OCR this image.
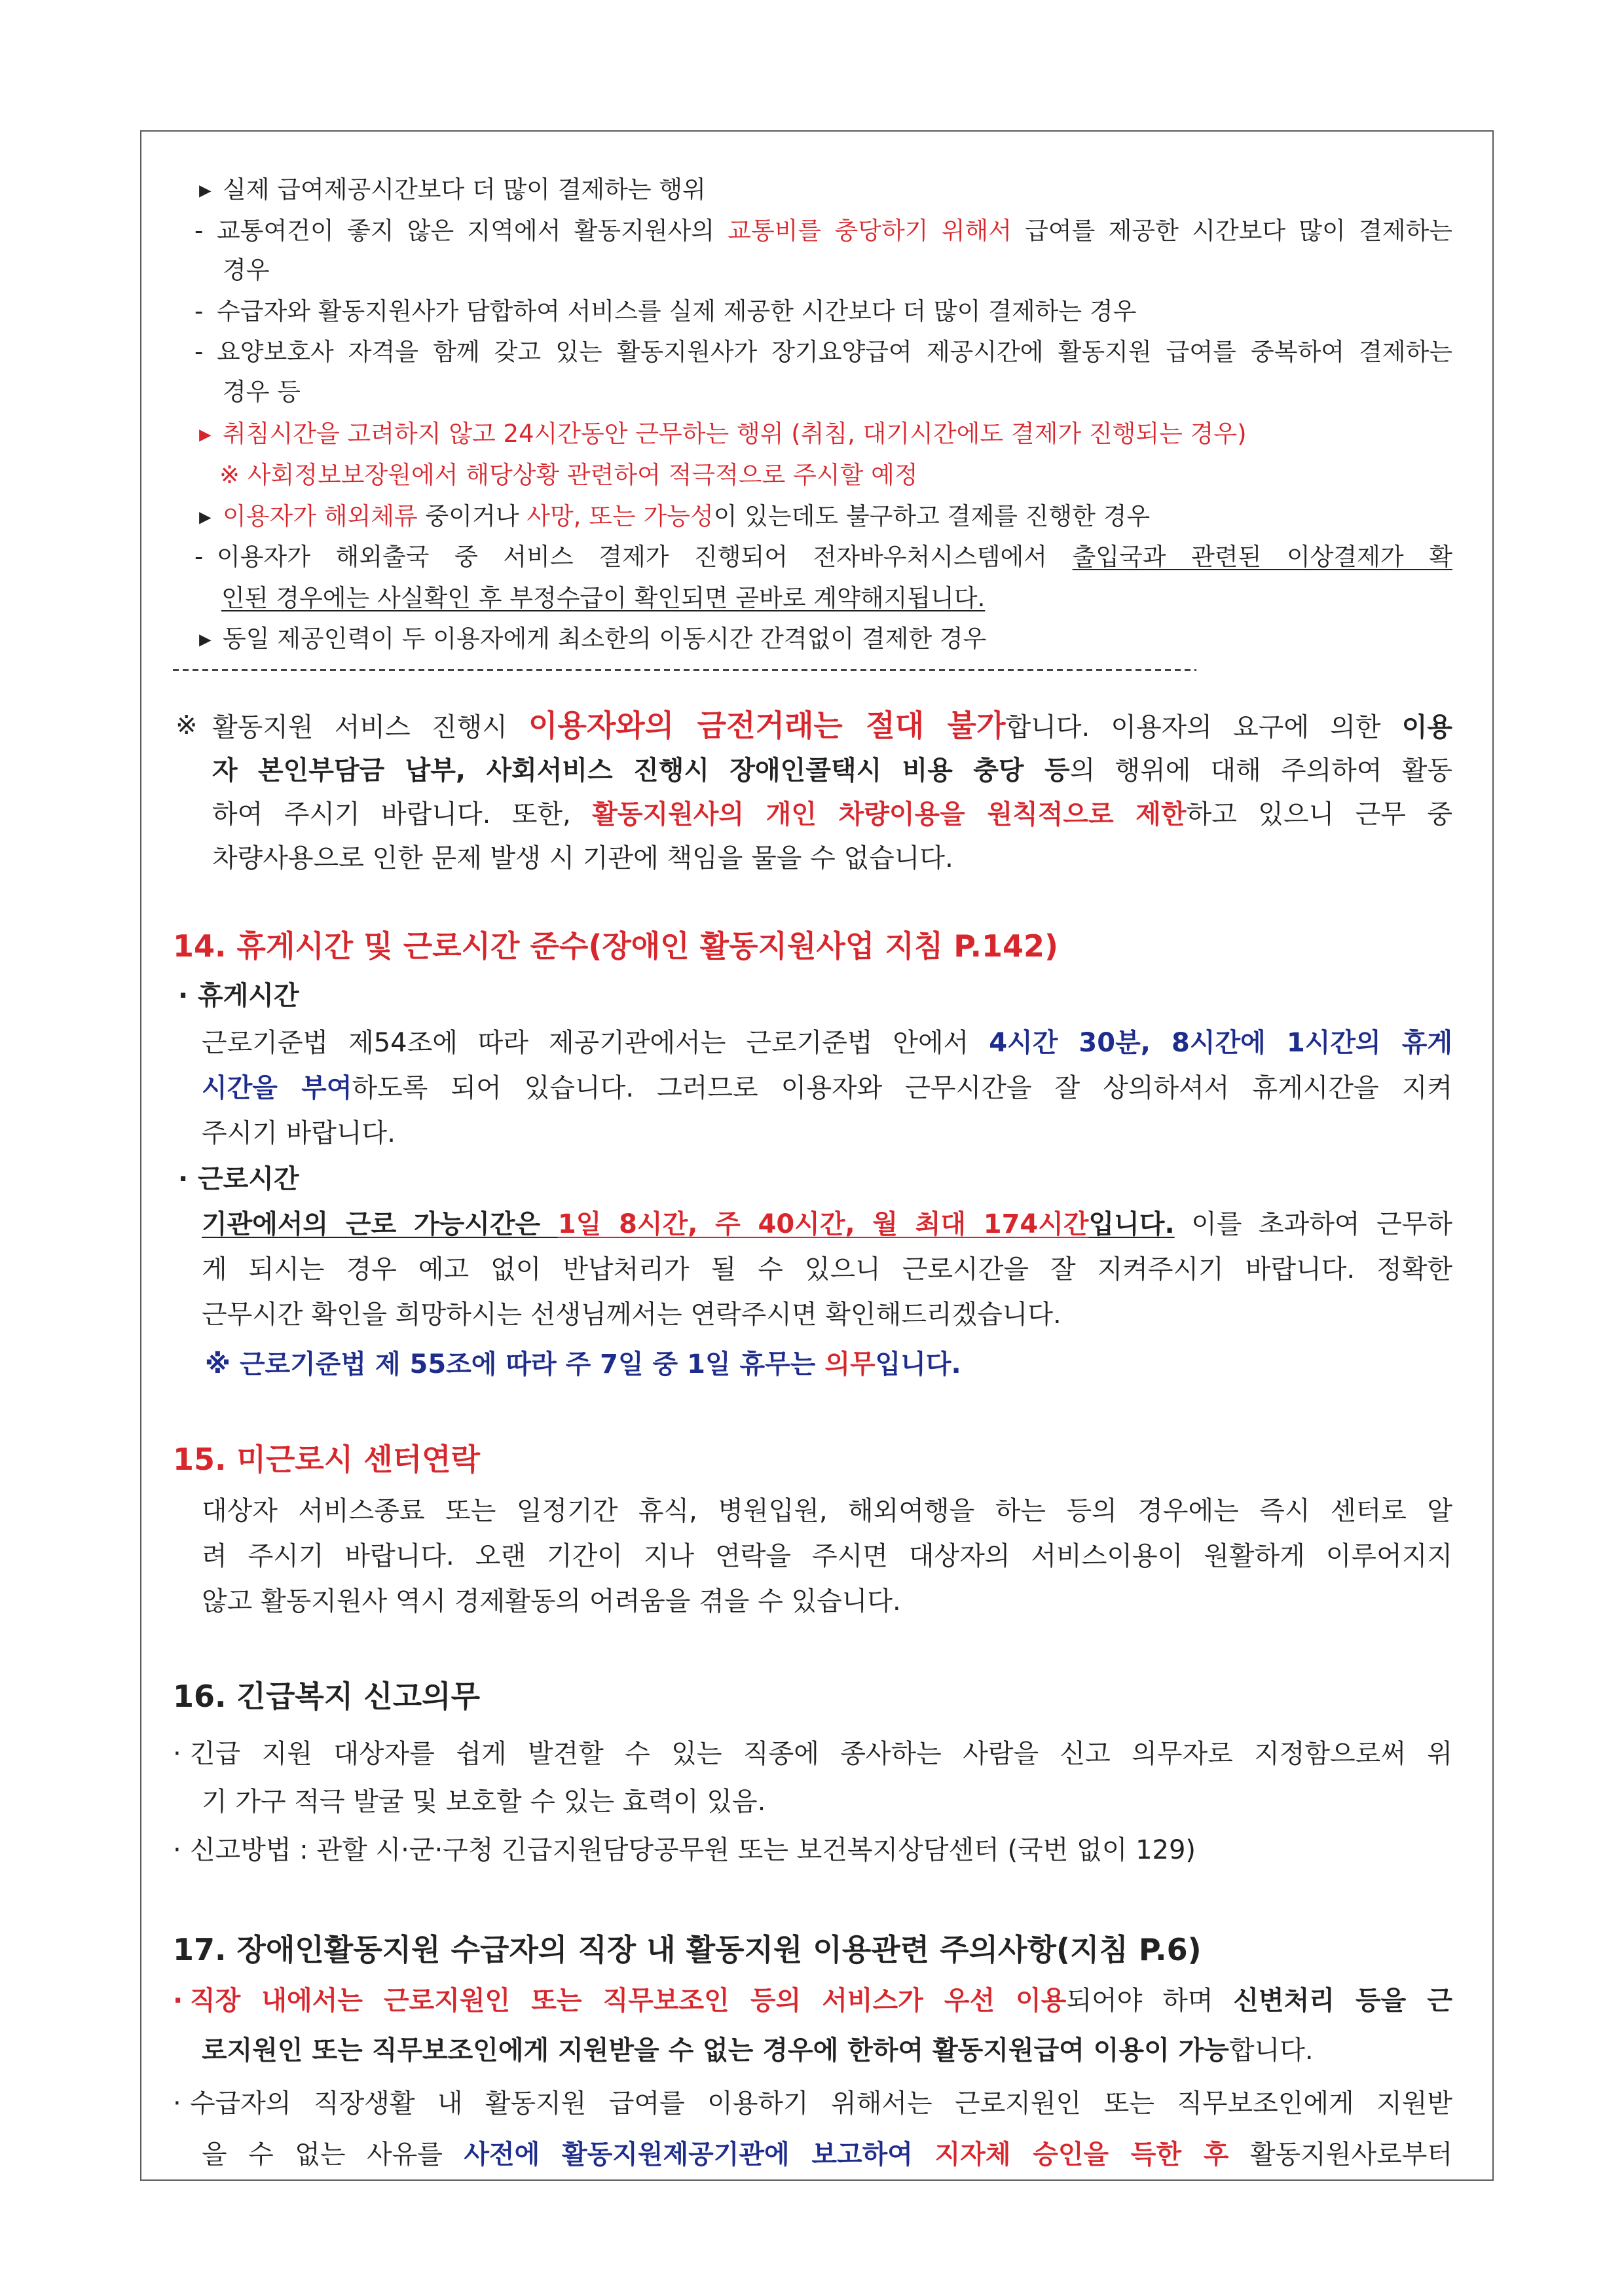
▸ 실제 급여제공시간보다 더 많이 결제하는 행위
- 교통여건이 좋지 않은 지역에서 활동지원사의 교통비를 충당하기 위해서 급여를 제공한 시간보다 많이 결제하는
경우
- 수급자와 활동지원사가 담합하여 서비스를 실제 제공한 시간보다 더 많이 결제하는 경우
- 요양보호사 자격을 함께 갖고 있는 활동지원사가 장기요양급여 제공시간에 활동지원 급여를 중복하여 결제하는
경우 등
▸ 취침시간을 고려하지 않고 24시간동안 근무하는 행위 (취침, 대기시간에도 결제가 진행되는 경우)
※ 사회정보보장원에서 해당상황 관련하여 적극적으로 주시할 예정
▸ 이용자가 해외체류 중이거나 사망, 또는 가능성이 있는데도 불구하고 결제를 진행한 경우
- 이용자가 해외출국 중 서비스 결제가 진행되어 전자바우처시스템에서 출입국과 관련된 이상결제가 확
인된 경우에는 사실확인 후 부정수급이 확인되면 곧바로 계약해지됩니다.
▸ 동일 제공인력이 두 이용자에게 최소한의 이동시간 간격없이 결제한 경우
※ 활동지원 서비스 진행시 이용자와의 금전거래는 절대 불가합니다. 이용자의 요구에 의한 이용
자 본인부담금 납부, 사회서비스 진행시 장애인콜택시 비용 충당 등의 행위에 대해 주의하여 활동
하여 주시기 바랍니다. 또한, 활동지원사의 개인 차량이용을 원칙적으로 제한하고 있으니 근무 중
차량사용으로 인한 문제 발생 시 기관에 책임을 물을 수 없습니다.
14. 휴게시간 및 근로시간 준수(장애인 활동지원사업 지침 P.142)
· 휴게시간
근로기준법 제54조에 따라 제공기관에서는 근로기준법 안에서 4시간 30분, 8시간에 1시간의 휴게
시간을 부여하도록 되어 있습니다. 그러므로 이용자와 근무시간을 잘 상의하셔서 휴게시간을 지켜
주시기 바랍니다.
· 근로시간
기관에서의 근로 가능시간은 1일 8시간, 주 40시간, 월 최대 174시간입니다. 이를 초과하여 근무하
게 되시는 경우 예고 없이 반납처리가 될 수 있으니 근로시간을 잘 지켜주시기 바랍니다. 정확한
근무시간 확인을 희망하시는 선생님께서는 연락주시면 확인해드리겠습니다.
※ 근로기준법 제 55조에 따라 주 7일 중 1일 휴무는 의무입니다.
15. 미근로시 센터연락
대상자 서비스종료 또는 일정기간 휴식, 병원입원, 해외여행을 하는 등의 경우에는 즉시 센터로 알
려 주시기 바랍니다. 오랜 기간이 지나 연락을 주시면 대상자의 서비스이용이 원활하게 이루어지지
않고 활동지원사 역시 경제활동의 어려움을 겪을 수 있습니다.
16. 긴급복지 신고의무
· 긴급 지원 대상자를 쉽게 발견할 수 있는 직종에 종사하는 사람을 신고 의무자로 지정함으로써 위
기 가구 적극 발굴 및 보호할 수 있는 효력이 있음.
· 신고방법 : 관할 시·군·구청 긴급지원담당공무원 또는 보건복지상담센터 (국번 없이 129)
17. 장애인활동지원 수급자의 직장 내 활동지원 이용관련 주의사항(지침 P.6)
· 직장 내에서는 근로지원인 또는 직무보조인 등의 서비스가 우선 이용되어야 하며 신변처리 등을 근
로지원인 또는 직무보조인에게 지원받을 수 없는 경우에 한하여 활동지원급여 이용이 가능합니다.
· 수급자의 직장생활 내 활동지원 급여를 이용하기 위해서는 근로지원인 또는 직무보조인에게 지원받
을 수 없는 사유를 사전에 활동지원제공기관에 보고하여 지자체 승인을 득한 후 활동지원사로부터
